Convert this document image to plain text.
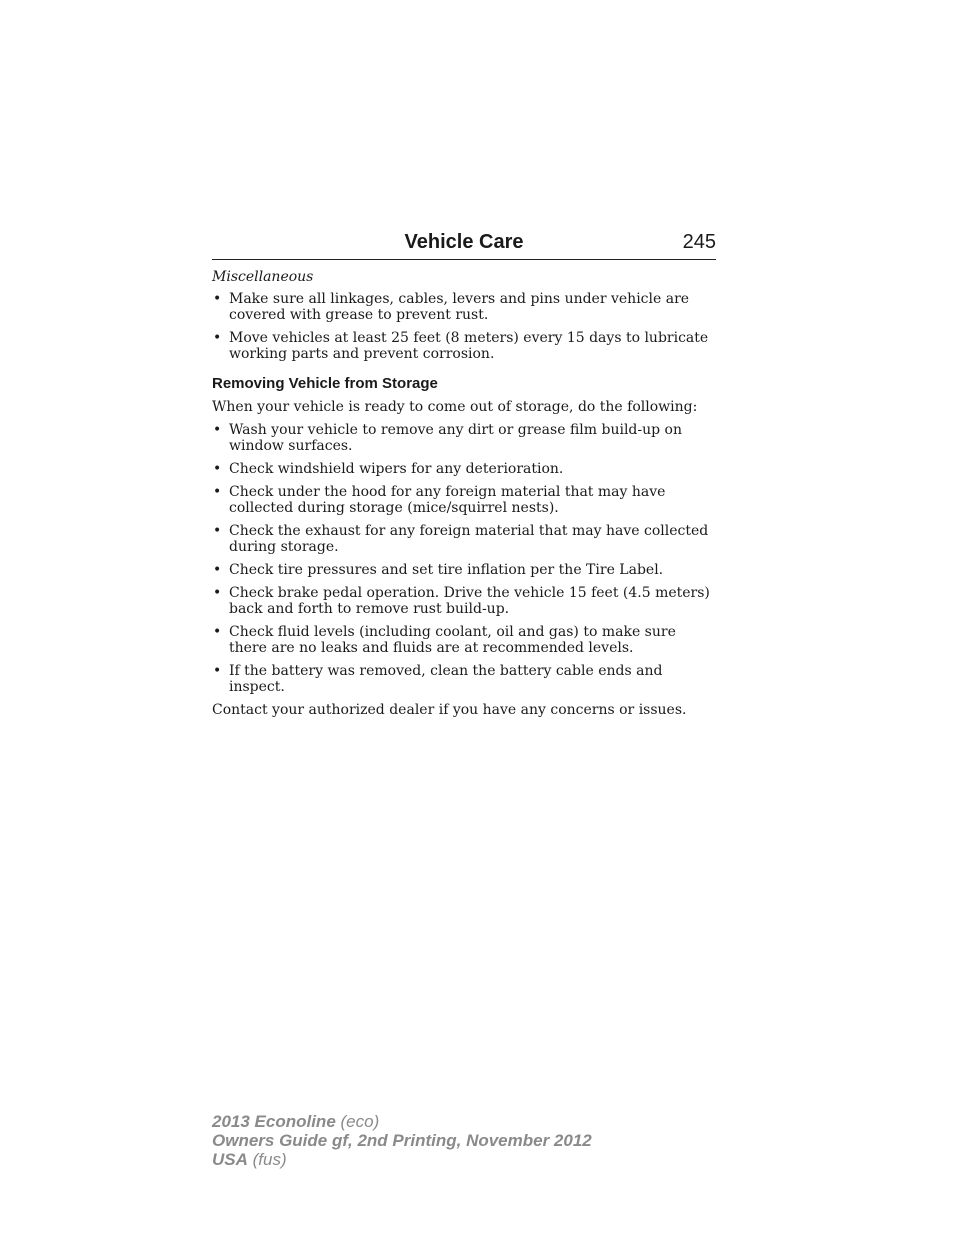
Vehicle Care	245
Miscellaneous
• Make sure all linkages, cables, levers and pins under vehicle are covered with grease to prevent rust.
• Move vehicles at least 25 feet (8 meters) every 15 days to lubricate working parts and prevent corrosion.
Removing Vehicle from Storage
When your vehicle is ready to come out of storage, do the following:
• Wash your vehicle to remove any dirt or grease film build-up on window surfaces.
• Check windshield wipers for any deterioration.
• Check under the hood for any foreign material that may have collected during storage (mice/squirrel nests).
• Check the exhaust for any foreign material that may have collected during storage.
• Check tire pressures and set tire inflation per the Tire Label.
• Check brake pedal operation. Drive the vehicle 15 feet (4.5 meters) back and forth to remove rust build-up.
• Check fluid levels (including coolant, oil and gas) to make sure there are no leaks and fluids are at recommended levels.
• If the battery was removed, clean the battery cable ends and inspect.
Contact your authorized dealer if you have any concerns or issues.
2013 Econoline (eco)
Owners Guide gf, 2nd Printing, November 2012
USA (fus)
